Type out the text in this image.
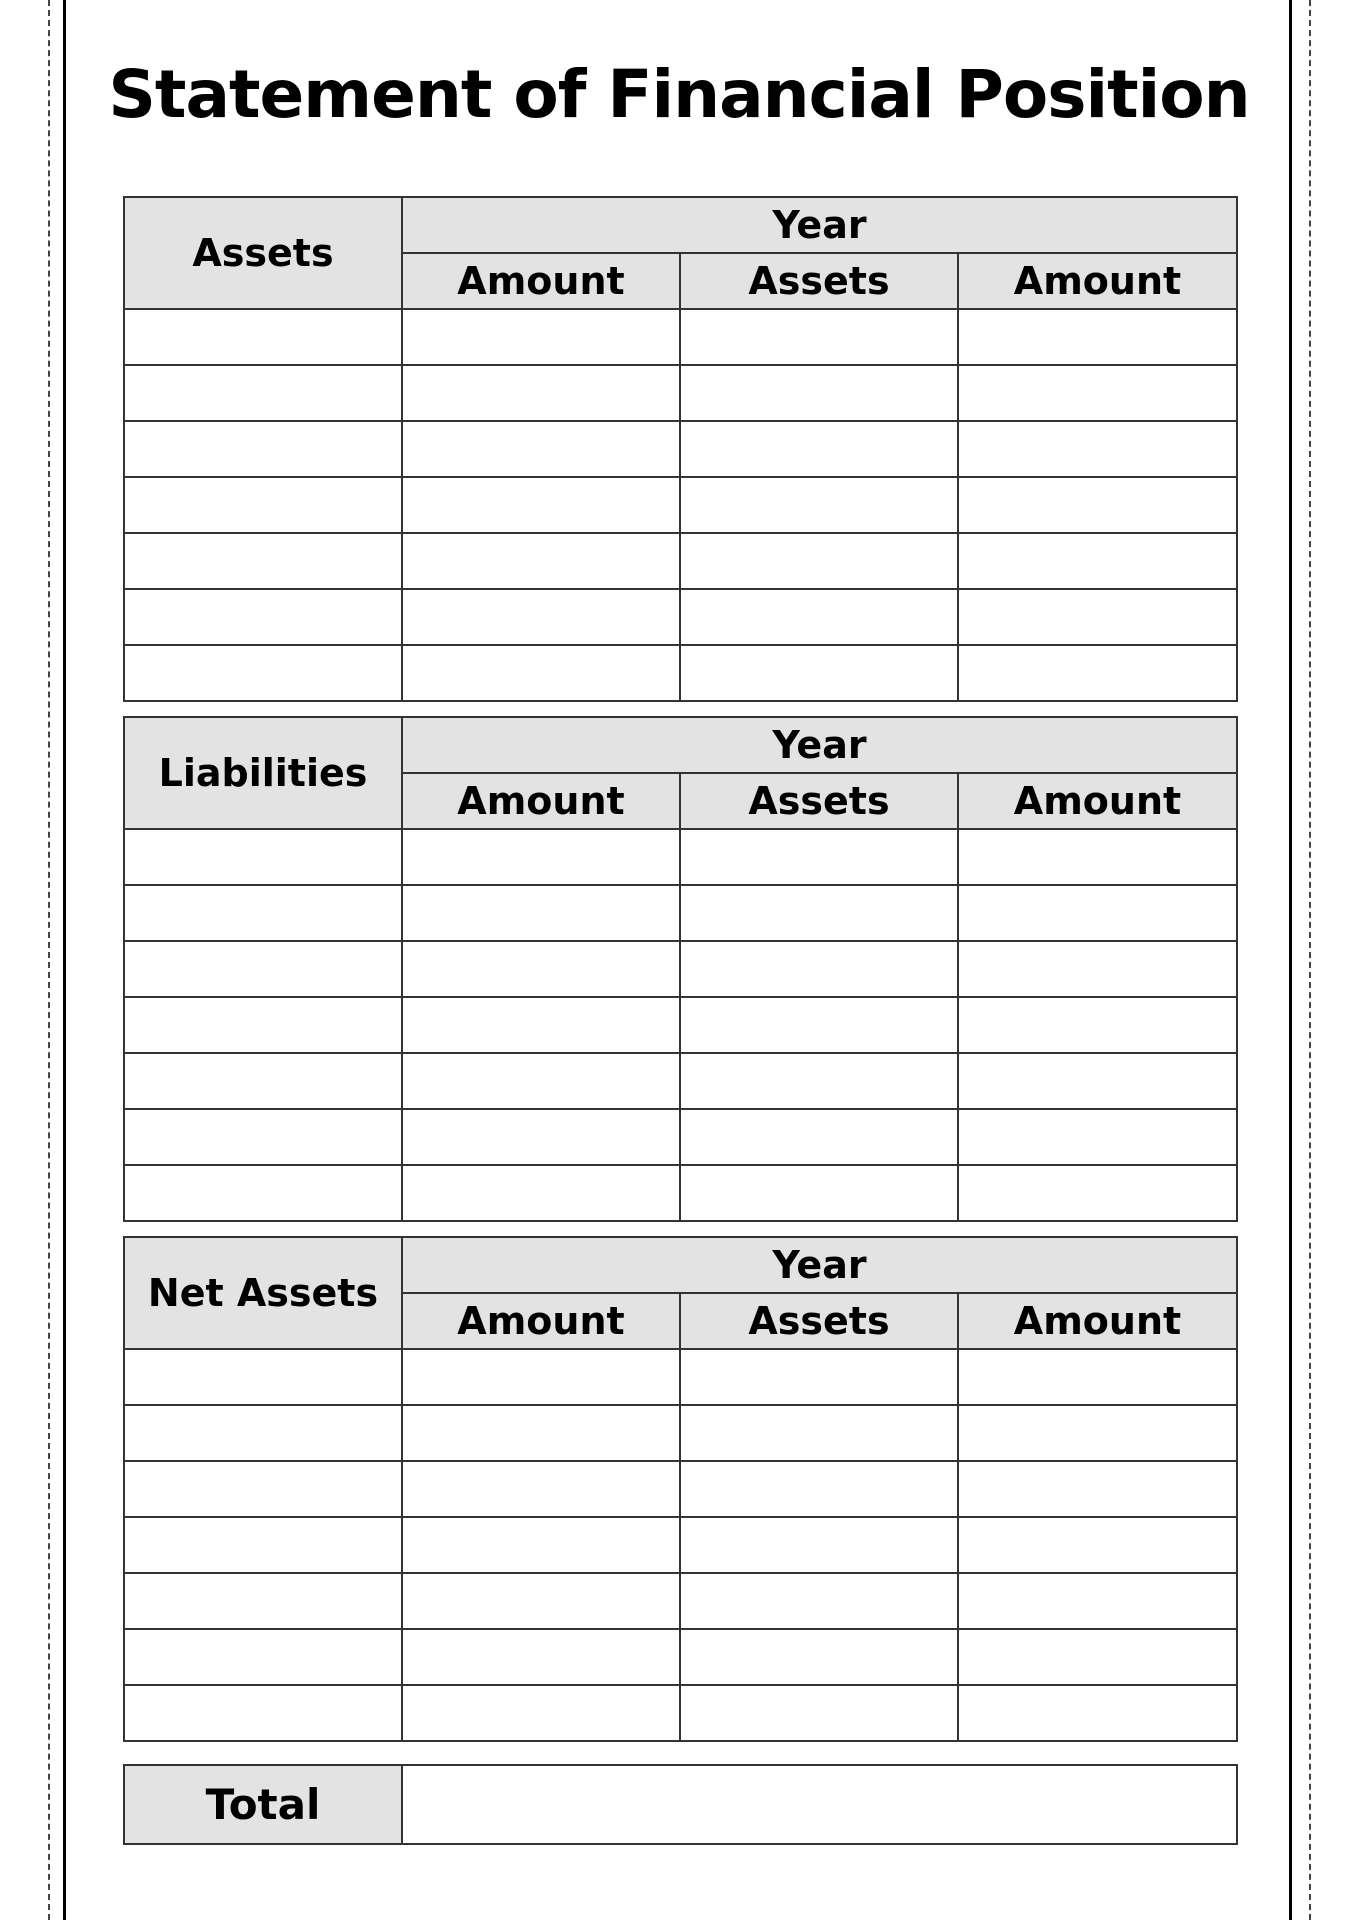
Statement of Financial Position
Assets	Year		
	Amount	Assets	Amount

Liabilities	Year		
	Amount	Assets	Amount

Net Assets	Year		
	Amount	Assets	Amount

Total	
